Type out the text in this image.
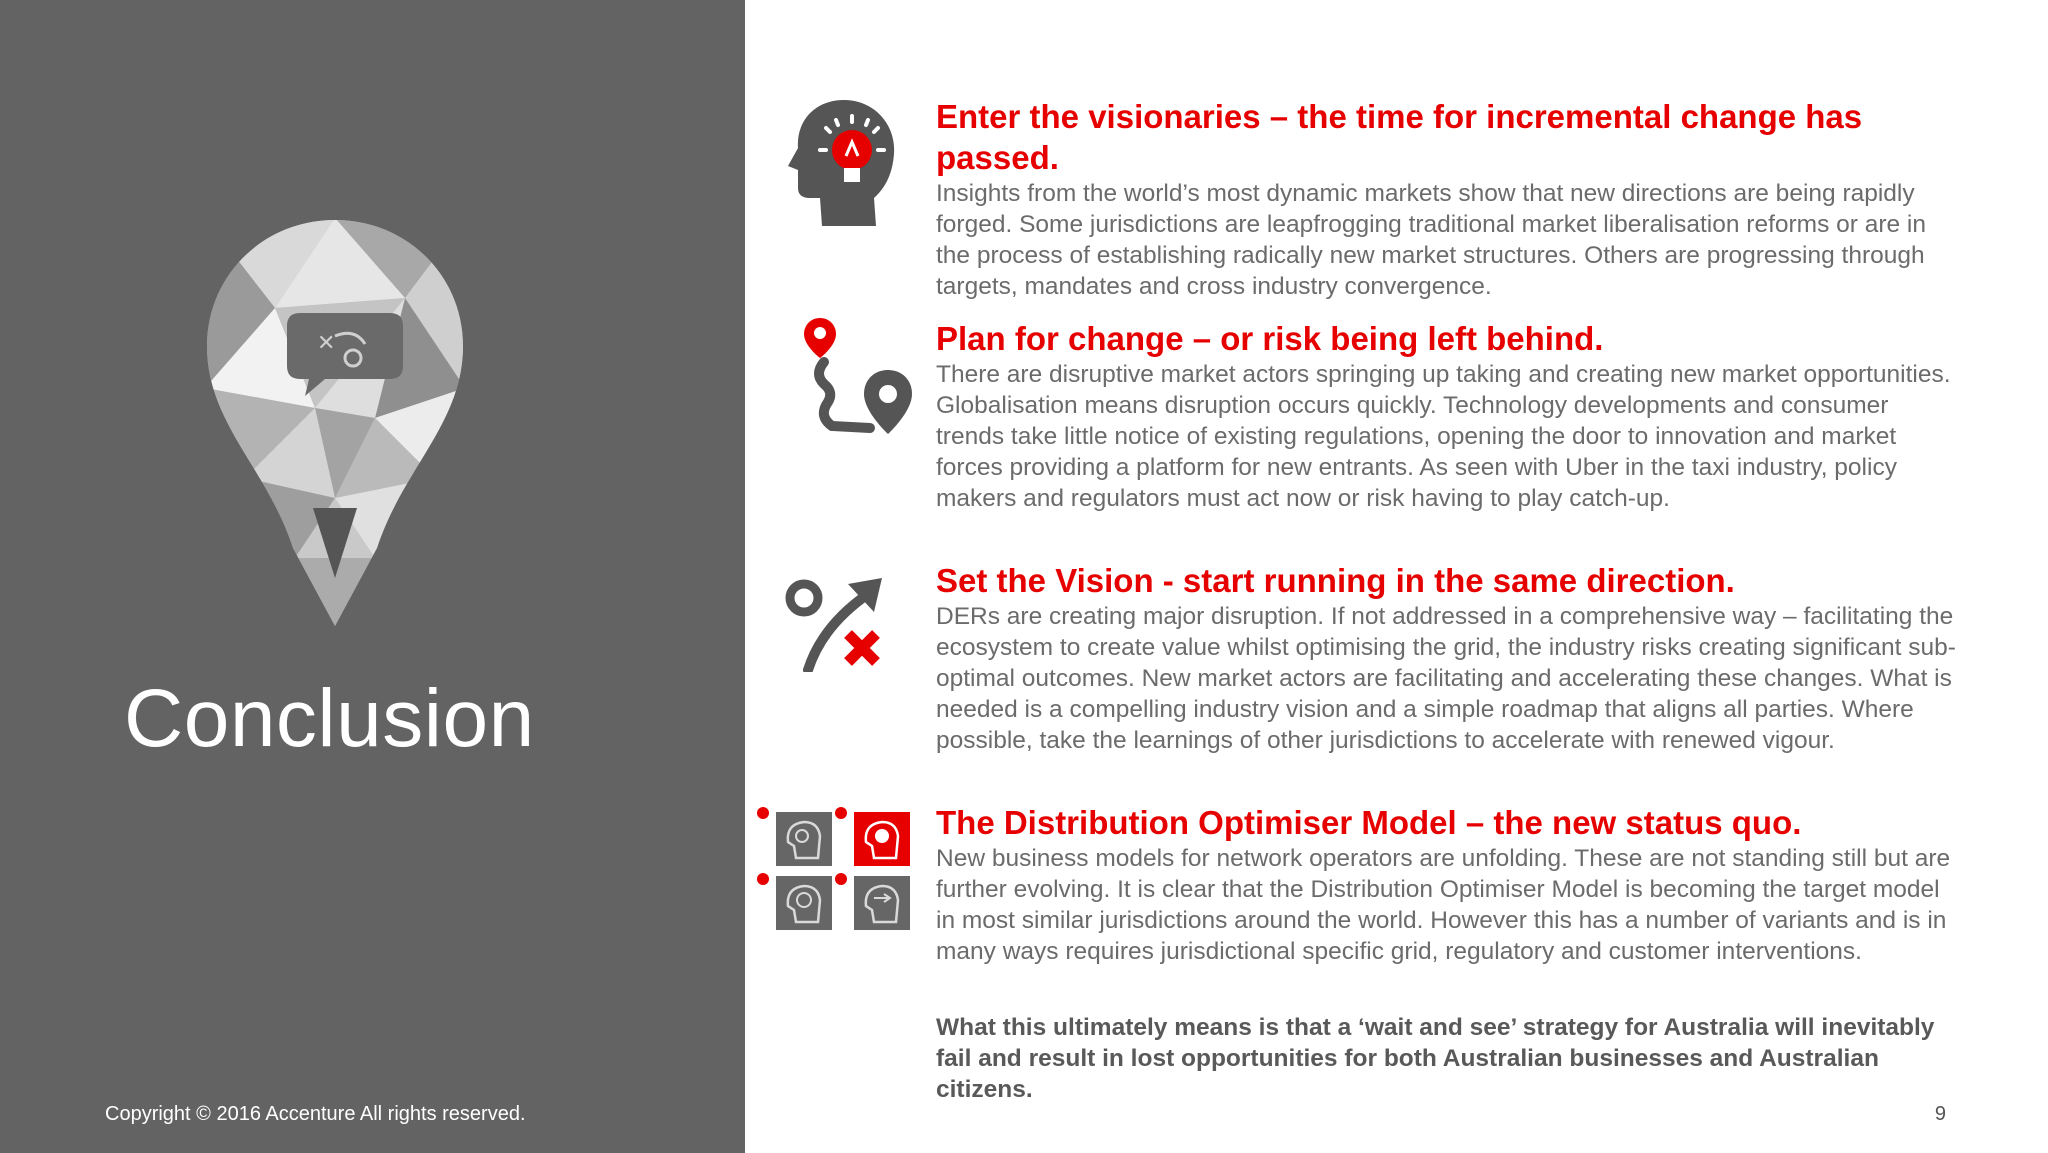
✕
Conclusion
Copyright © 2016 Accenture All rights reserved.
Enter the visionaries – the time for incremental change has passed.

Insights from the world’s most dynamic markets show that new directions are being rapidly forged. Some jurisdictions are leapfrogging traditional market liberalisation reforms or are in the process of establishing radically new market structures. Others are progressing through targets, mandates and cross industry convergence.

Plan for change – or risk being left behind.

There are disruptive market actors springing up taking and creating new market opportunities. Globalisation means disruption occurs quickly. Technology developments and consumer trends take little notice of existing regulations, opening the door to innovation and market forces providing a platform for new entrants. As seen with Uber in the taxi industry, policy makers and regulators must act now or risk having to play catch-up.

Set the Vision - start running in the same direction.

DERs are creating major disruption. If not addressed in a comprehensive way – facilitating the ecosystem to create value whilst optimising the grid, the industry risks creating significant sub-optimal outcomes. New market actors are facilitating and accelerating these changes. What is needed is a compelling industry vision and a simple roadmap that aligns all parties. Where possible, take the learnings of other jurisdictions to accelerate with renewed vigour.

The Distribution Optimiser Model – the new status quo.

New business models for network operators are unfolding. These are not standing still but are further evolving. It is clear that the Distribution Optimiser Model is becoming the target model in most similar jurisdictions around the world. However this has a number of variants and is in many ways requires jurisdictional specific grid, regulatory and customer interventions.

What this ultimately means is that a ‘wait and see’ strategy for Australia will inevitably fail and result in lost opportunities for both Australian businesses and Australian citizens.

9
